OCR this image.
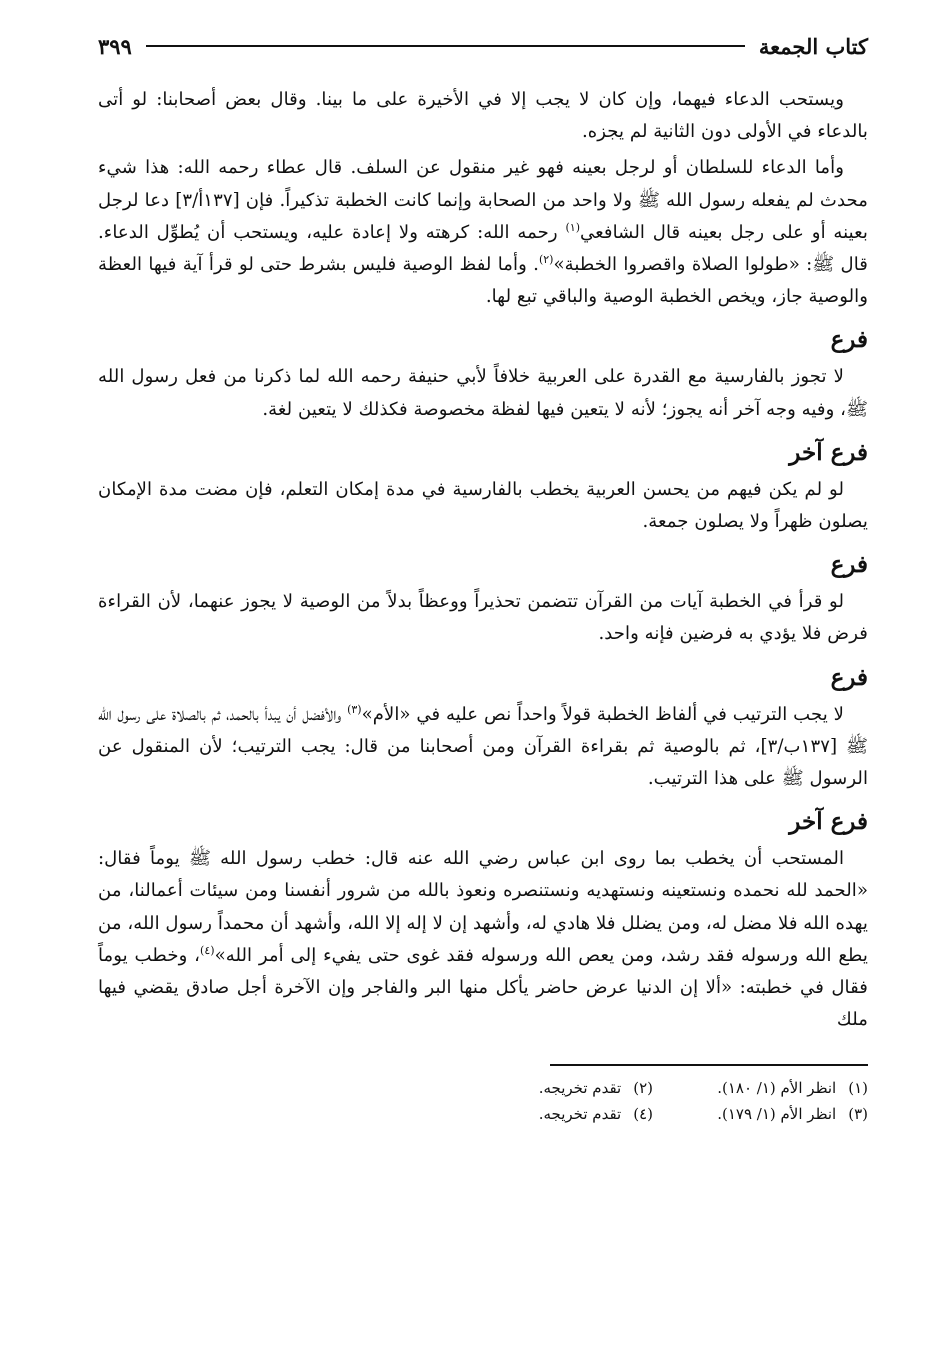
كتاب الجمعة
٣٩٩

ويستحب الدعاء فيهما، وإن كان لا يجب إلا في الأخيرة على ما بينا. وقال بعض أصحابنا: لو أتى بالدعاء في الأولى دون الثانية لم يجزه.

وأما الدعاء للسلطان أو لرجل بعينه فهو غير منقول عن السلف. قال عطاء رحمه الله: هذا شيء محدث لم يفعله رسول الله ﷺ ولا واحد من الصحابة وإنما كانت الخطبة تذكيراً. فإن [١٣٧أ/٣] دعا لرجل بعينه أو على رجل بعينه قال الشافعي$^{(١)}$ رحمه الله: كرهته ولا إعادة عليه، ويستحب أن يُطوِّل الدعاء. قال ﷺ: «طولوا الصلاة واقصروا الخطبة»$^{(٢)}$. وأما لفظ الوصية فليس بشرط حتى لو قرأ آية فيها العظة والوصية جاز، ويخص الخطبة الوصية والباقي تبع لها.

فرع

لا تجوز بالفارسية مع القدرة على العربية خلافاً لأبي حنيفة رحمه الله لما ذكرنا من فعل رسول الله ﷺ، وفيه وجه آخر أنه يجوز؛ لأنه لا يتعين فيها لفظة مخصوصة فكذلك لا يتعين لغة.

فرع آخر

لو لم يكن فيهم من يحسن العربية يخطب بالفارسية في مدة إمكان التعلم، فإن مضت مدة الإمكان يصلون ظهراً ولا يصلون جمعة.

فرع

لو قرأ في الخطبة آيات من القرآن تتضمن تحذيراً ووعظاً بدلاً من الوصية لا يجوز عنهما، لأن القراءة فرض فلا يؤدي به فرضين فإنه واحد.

فرع

لا يجب الترتيب في ألفاظ الخطبة قولاً واحداً نص عليه في «الأم»$^{(٣)}$ والأفضل أن يبدأ بالحمد، ثم بالصلاة على رسول الله ﷺ [١٣٧ب/٣]، ثم بالوصية ثم بقراءة القرآن ومن أصحابنا من قال: يجب الترتيب؛ لأن المنقول عن الرسول ﷺ على هذا الترتيب.

فرع آخر

المستحب أن يخطب بما روى ابن عباس رضي الله عنه قال: خطب رسول الله ﷺ يوماً فقال: «الحمد لله نحمده ونستعينه ونستهديه ونستنصره ونعوذ بالله من شرور أنفسنا ومن سيئات أعمالنا، من يهده الله فلا مضل له، ومن يضلل فلا هادي له، وأشهد إن لا إله إلا الله، وأشهد أن محمداً رسول الله، من يطع الله ورسوله فقد رشد، ومن يعص الله ورسوله فقد غوى حتى يفيء إلى أمر الله»$^{(٤)}$، وخطب يوماً فقال في خطبته: «ألا إن الدنيا عرض حاضر يأكل منها البر والفاجر وإن الآخرة أجل صادق يقضي فيها ملك

(١)
انظر الأم (١/ ١٨٠).
(٢)
تقدم تخريجه.
(٣)
انظر الأم (١/ ١٧٩).
(٤)
تقدم تخريجه.
